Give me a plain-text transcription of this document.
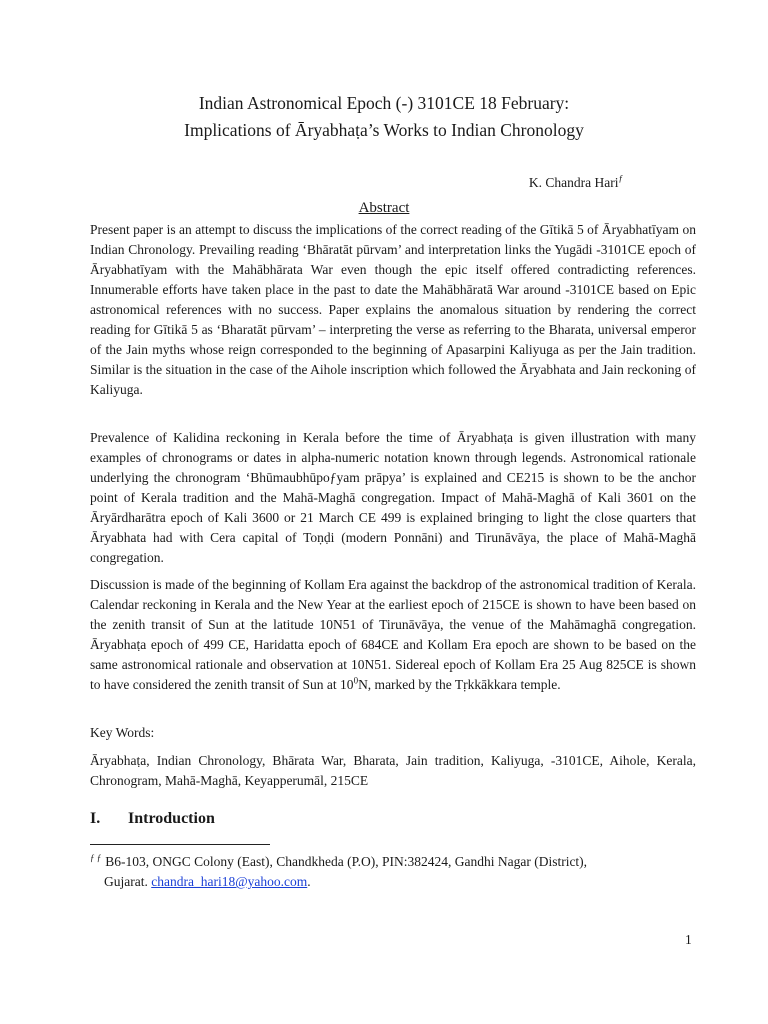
Indian Astronomical Epoch (-) 3101CE 18 February:
Implications of Āryabhaṭa’s Works to Indian Chronology
K. Chandra Hari$^ƒ$
Abstract

Present paper is an attempt to discuss the implications of the correct reading of the Gītikā 5 of Āryabhatīyam on Indian Chronology. Prevailing reading ‘Bhāratāt pūrvam’ and interpretation links the Yugādi -3101CE epoch of Āryabhatīyam with the Mahābhārata War even though the epic itself offered contradicting references. Innumerable efforts have taken place in the past to date the Mahābhāratā War around -3101CE based on Epic astronomical references with no success. Paper explains the anomalous situation by rendering the correct reading for Gītikā 5 as ‘Bharatāt pūrvam’ – interpreting the verse as referring to the Bharata, universal emperor of the Jain myths whose reign corresponded to the beginning of Apasarpini Kaliyuga as per the Jain tradition. Similar is the situation in the case of the Aihole inscription which followed the Āryabhata and Jain reckoning of Kaliyuga.

Prevalence of Kalidina reckoning in Kerala before the time of Āryabhaṭa is given illustration with many examples of chronograms or dates in alpha-numeric notation known through legends. Astronomical rationale underlying the chronogram ‘Bhūmaubhūpoƒyam prāpya’ is explained and CE215 is shown to be the anchor point of Kerala tradition and the Mahā-Maghā congregation. Impact of Mahā-Maghā of Kali 3601 on the Āryārdharātra epoch of Kali 3600 or 21 March CE 499 is explained bringing to light the close quarters that Āryabhata had with Cera capital of Toṇḍi (modern Ponnāni) and Tirunāvāya, the place of Mahā-Maghā congregation.

Discussion is made of the beginning of Kollam Era against the backdrop of the astronomical tradition of Kerala. Calendar reckoning in Kerala and the New Year at the earliest epoch of 215CE is shown to have been based on the zenith transit of Sun at the latitude 10N51 of Tirunāvāya, the venue of the Mahāmaghā congregation. Āryabhaṭa epoch of 499 CE, Haridatta epoch of 684CE and Kollam Era epoch are shown to be based on the same astronomical rationale and observation at 10N51. Sidereal epoch of Kollam Era 25 Aug 825CE is shown to have considered the zenith transit of Sun at $10^0N$, marked by the Tṛkkākkara temple.

Key Words:

Āryabhaṭa, Indian Chronology, Bhārata War, Bharata, Jain tradition, Kaliyuga, -3101CE, Aihole, Kerala, Chronogram, Mahā-Maghā, Keyapperumāl, 215CE

I. Introduction

$^{ƒ ƒ}$ B6-103, ONGC Colony (East), Chandkheda (P.O), PIN:382424, Gandhi Nagar (District),
Gujarat. chandra_hari18@yahoo.com.

1
